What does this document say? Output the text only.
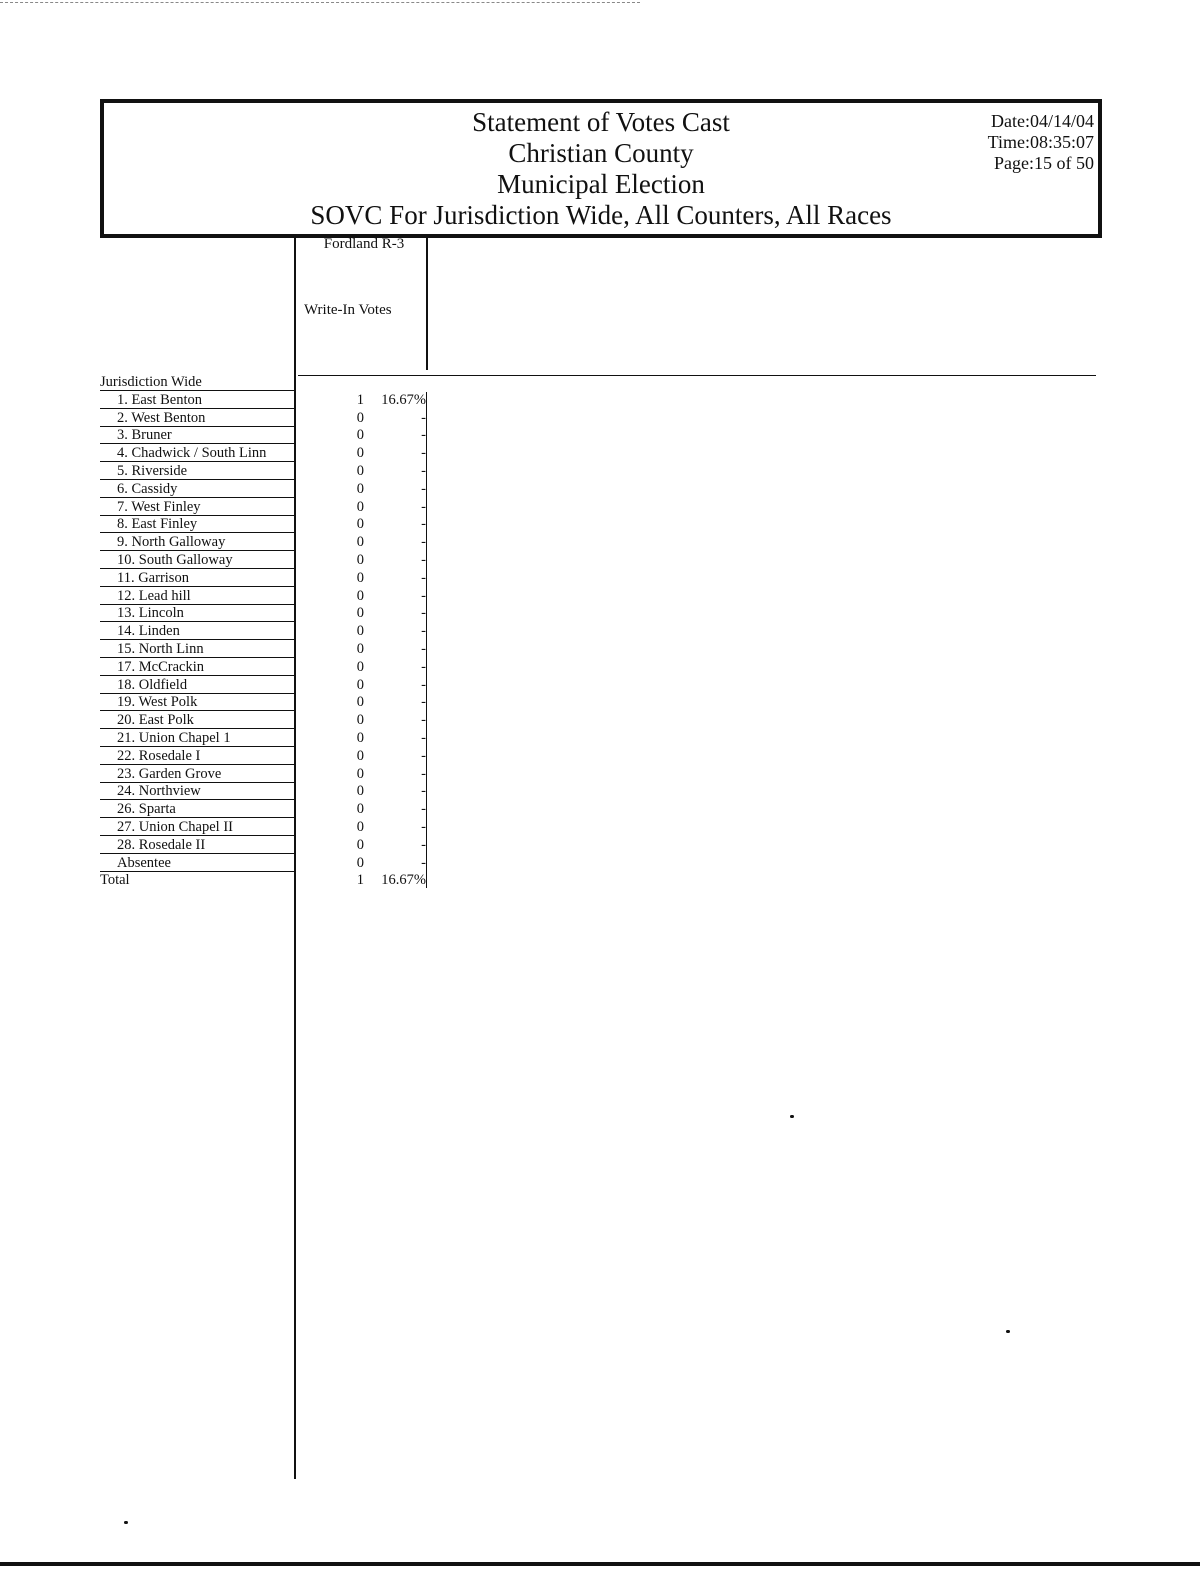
Statement of Votes Cast
Christian County
Municipal Election
SOVC For Jurisdiction Wide, All Counters, All Races
Date:04/14/04
Time:08:35:07
Page:15 of 50
Fordland R-3
Write-In Votes
Jurisdiction Wide
1. East Benton	1	16.67%
2. West Benton	0	-
3. Bruner	0	-
4. Chadwick / South Linn	0	-
5. Riverside	0	-
6. Cassidy	0	-
7. West Finley	0	-
8. East Finley	0	-
9. North Galloway	0	-
10. South Galloway	0	-
11. Garrison	0	-
12. Lead hill	0	-
13. Lincoln	0	-
14. Linden	0	-
15. North Linn	0	-
17. McCrackin	0	-
18. Oldfield	0	-
19. West Polk	0	-
20. East Polk	0	-
21. Union Chapel 1	0	-
22. Rosedale I	0	-
23. Garden Grove	0	-
24. Northview	0	-
26. Sparta	0	-
27. Union Chapel II	0	-
28. Rosedale II	0	-
Absentee	0	-
Total	1	16.67%
